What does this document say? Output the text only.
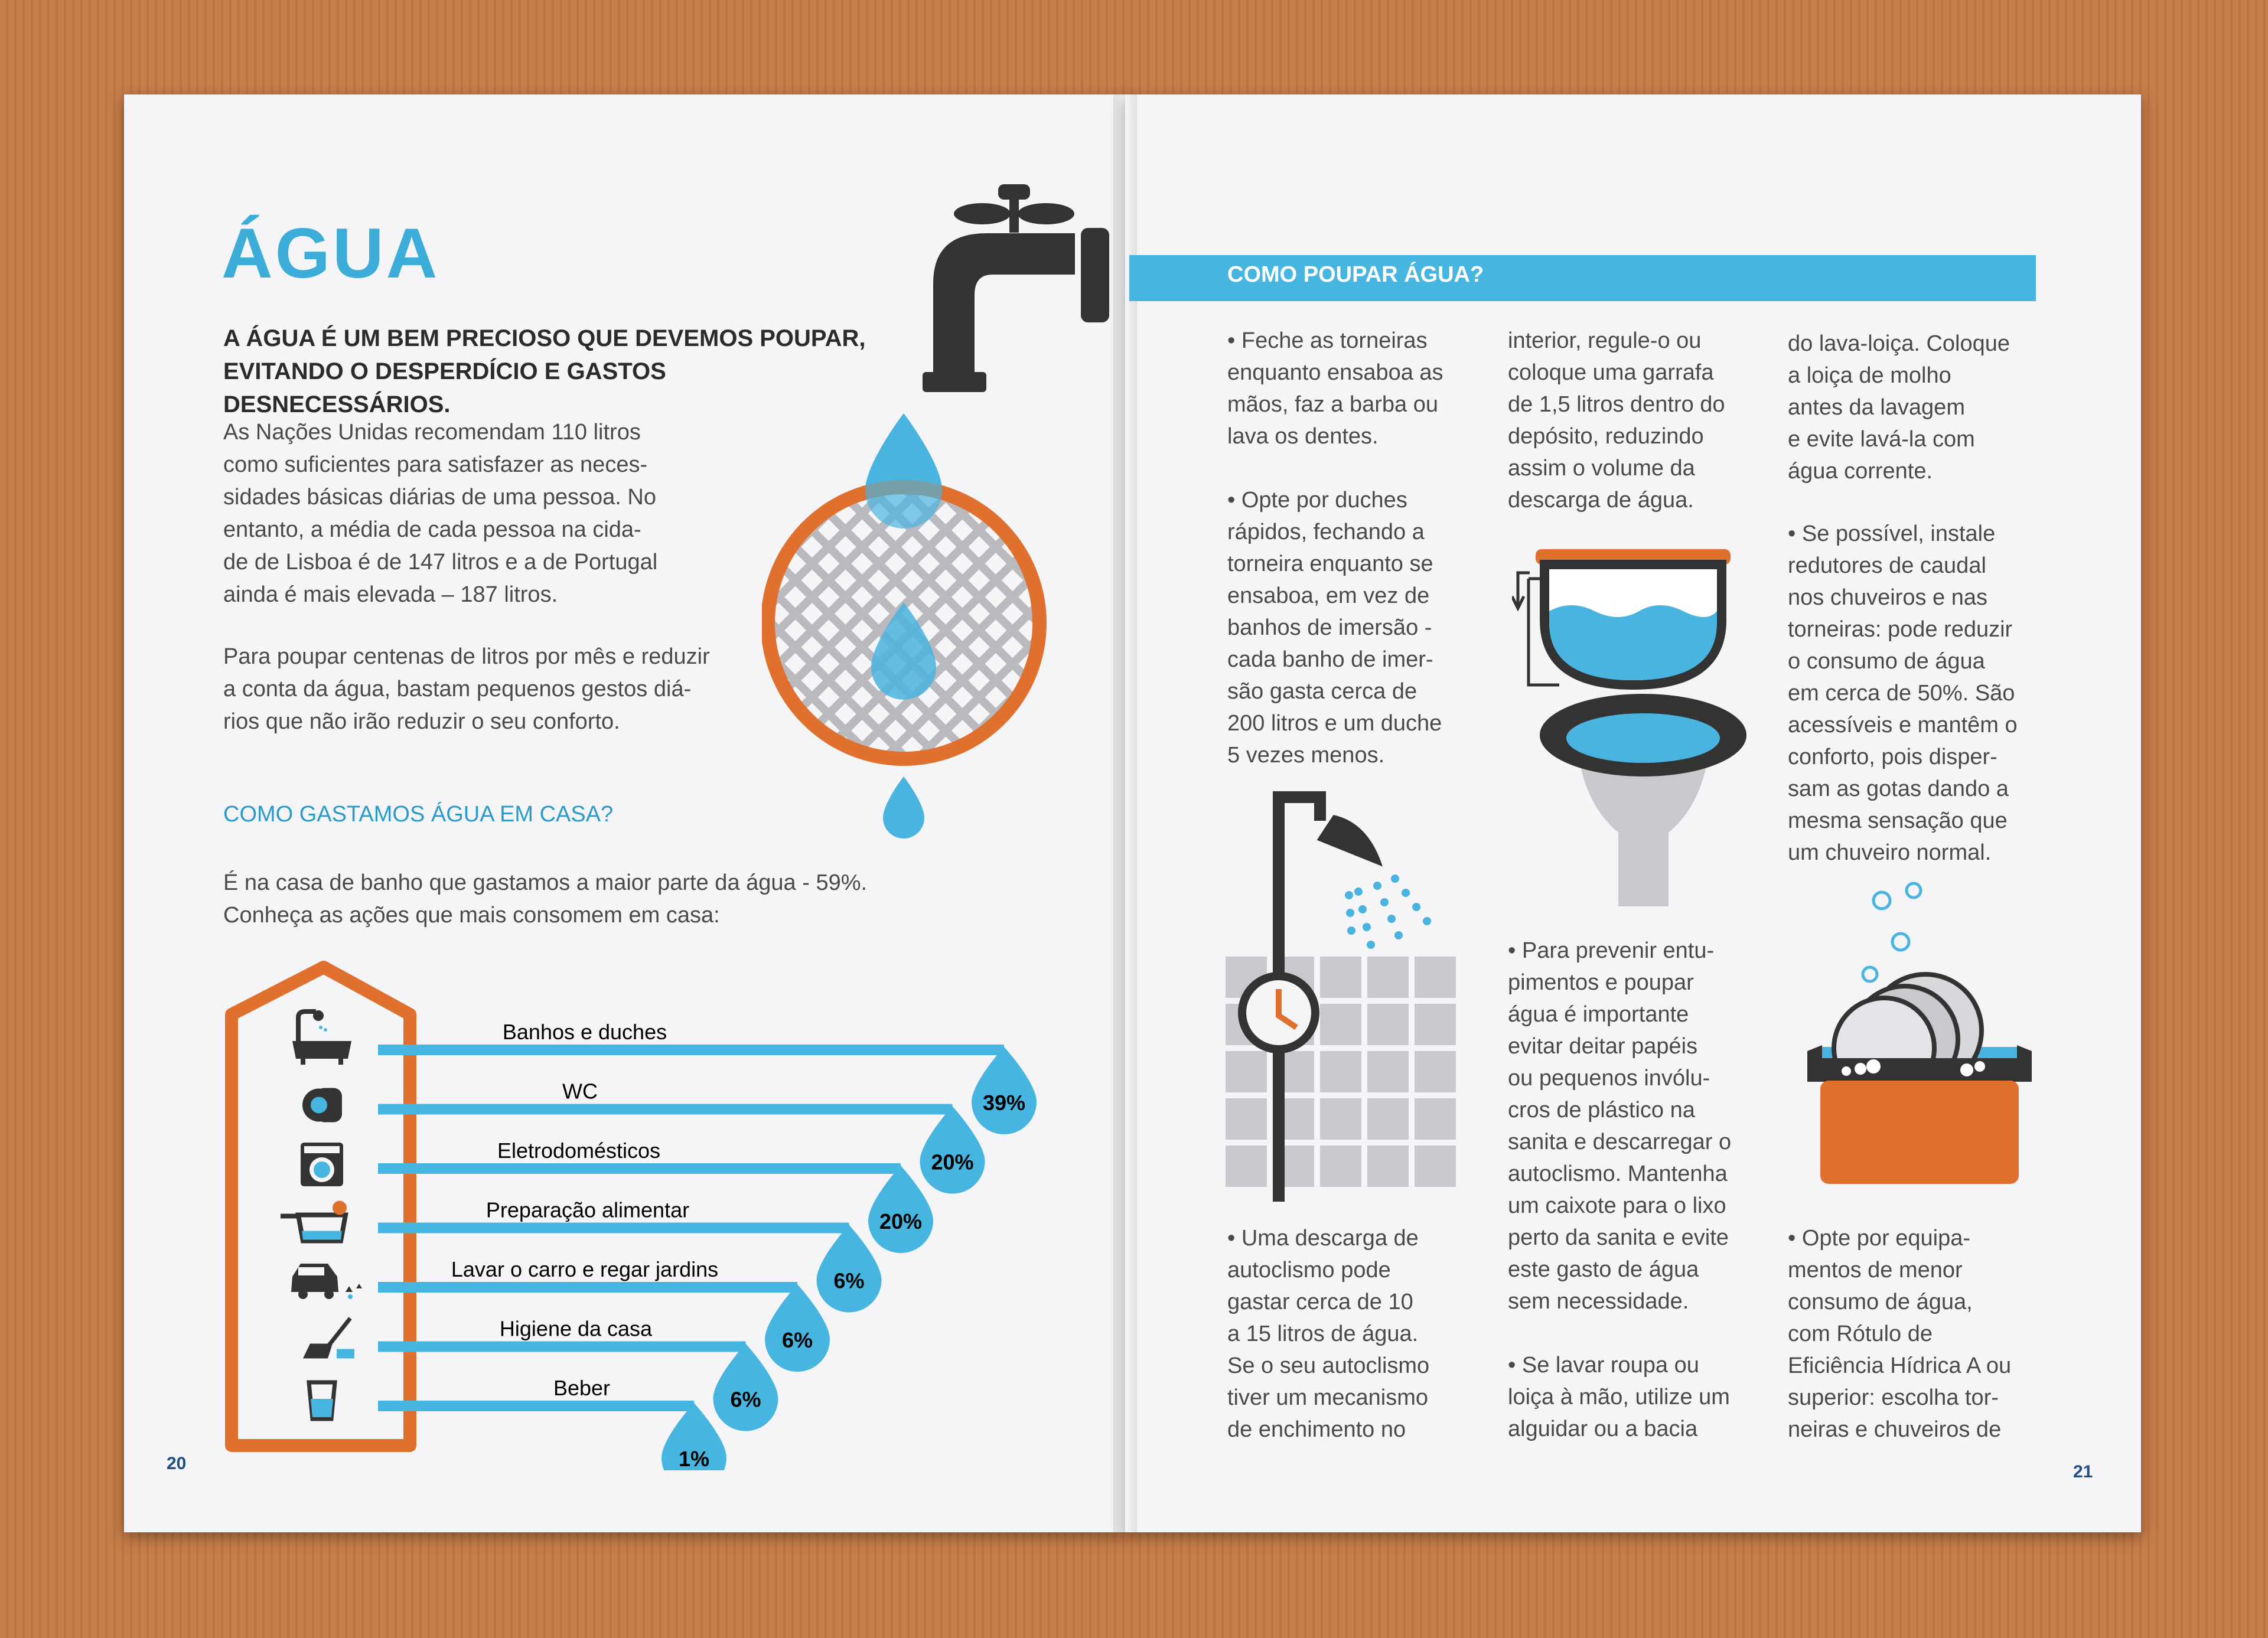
ÁGUA
A ÁGUA É UM BEM PRECIOSO QUE DEVEMOS POUPAR,
EVITANDO O DESPERDÍCIO E GASTOS DESNECESSÁRIOS.
As Nações Unidas recomendam 110 litros
como suficientes para satisfazer as neces-
sidades básicas diárias de uma pessoa. No
entanto, a média de cada pessoa na cida-
de de Lisboa é de 147 litros e a de Portugal
ainda é mais elevada – 187 litros.
Para poupar centenas de litros por mês e reduzir
a conta da água, bastam pequenos gestos diá-
rios que não irão reduzir o seu conforto.
COMO GASTAMOS ÁGUA EM CASA?
É na casa de banho que gastamos a maior parte da água - 59%.
Conheça as ações que mais consomem em casa:
20
Banhos e duches
39%
WC
20%
Eletrodomésticos
20%
Preparação alimentar
6%
Lavar o carro e regar jardins
6%
Higiene da casa
6%
Beber
1%
COMO POUPAR ÁGUA?
• Feche as torneiras
enquanto ensaboa as
mãos, faz a barba ou
lava os dentes.
• Opte por duches
rápidos, fechando a
torneira enquanto se
ensaboa, em vez de
banhos de imersão -
cada banho de imer-
são gasta cerca de
200 litros e um duche
5 vezes menos.
• Uma descarga de
autoclismo pode
gastar cerca de 10
a 15 litros de água.
Se o seu autoclismo
tiver um mecanismo
de enchimento no
interior, regule-o ou
coloque uma garrafa
de 1,5 litros dentro do
depósito, reduzindo
assim o volume da
descarga de água.
• Para prevenir entu-
pimentos e poupar
água é importante
evitar deitar papéis
ou pequenos invólu-
cros de plástico na
sanita e descarregar o
autoclismo. Mantenha
um caixote para o lixo
perto da sanita e evite
este gasto de água
sem necessidade.
• Se lavar roupa ou
loiça à mão, utilize um
alguidar ou a bacia
do lava-loiça. Coloque
a loiça de molho
antes da lavagem
e evite lavá-la com
água corrente.
• Se possível, instale
redutores de caudal
nos chuveiros e nas
torneiras: pode reduzir
o consumo de água
em cerca de 50%. São
acessíveis e mantêm o
conforto, pois disper-
sam as gotas dando a
mesma sensação que
um chuveiro normal.
• Opte por equipa-
mentos de menor
consumo de água,
com Rótulo de
Eficiência Hídrica A ou
superior: escolha tor-
neiras e chuveiros de
21
